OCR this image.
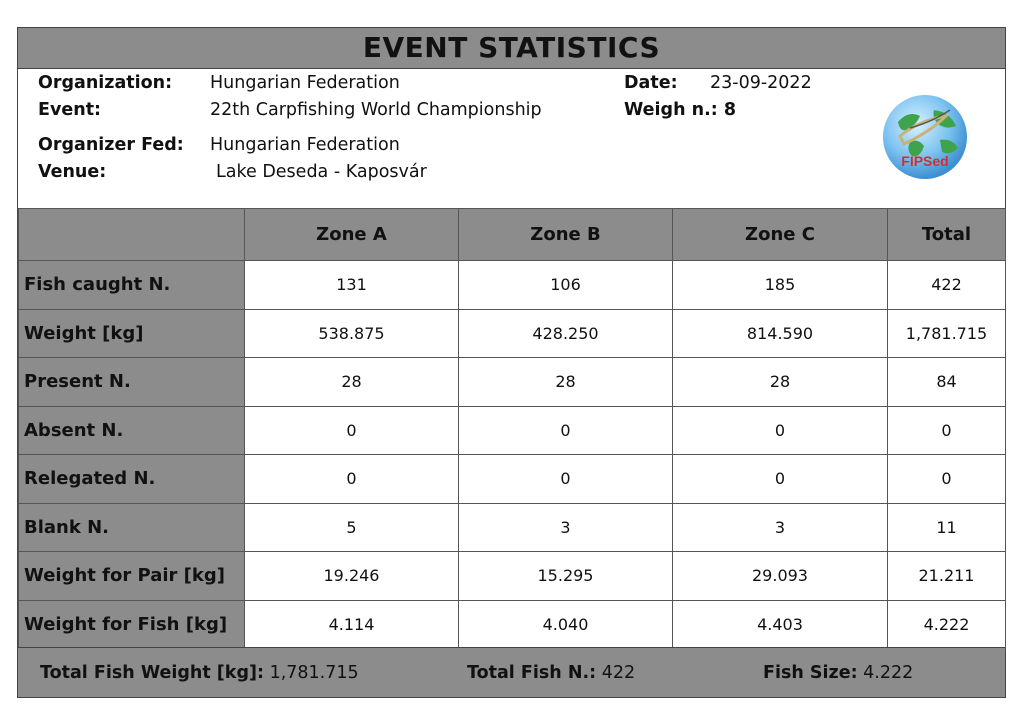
EVENT STATISTICS
Organization: Hungarian Federation
Event:	22th Carpfishing World Championship
Organizer Fed: Hungarian Federation
Venue:	Lake Deseda - Kaposvár
Date: 23-09-2022
Weigh n.: 8
FIPSed
	Zone A	Zone B	Zone C	Total
Fish caught N.	131	106	185	422
Weight [kg]	538.875	428.250	814.590	1,781.715
Present N.	28	28	28	84
Absent N.	0	0	0	0
Relegated N.	0	0	0	0
Blank N.	5	3	3	11
Weight for Pair [kg]	19.246	15.295	29.093	21.211
Weight for Fish [kg]	4.114	4.040	4.403	4.222
Total Fish Weight [kg]: 1,781.715	Total Fish N.: 422	Fish Size: 4.222
